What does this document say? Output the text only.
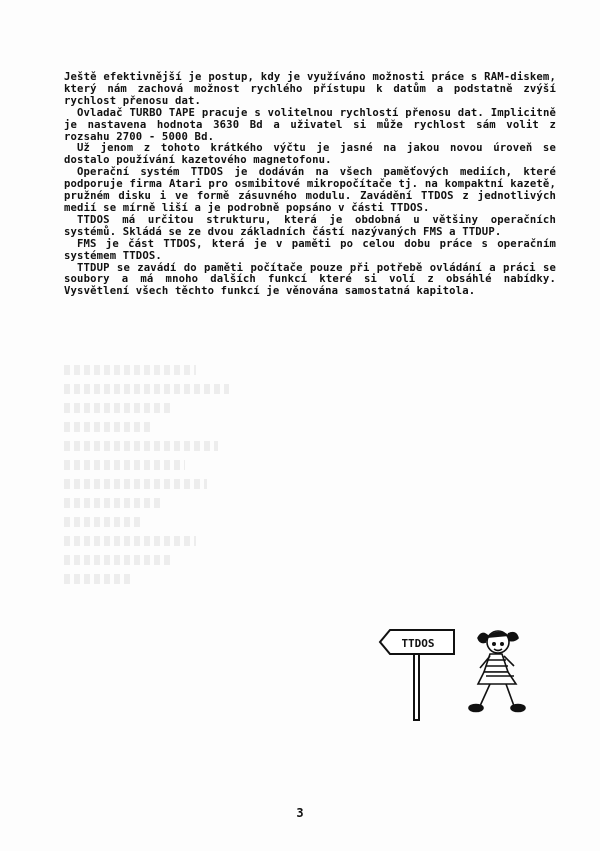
Ještě efektivnější je postup, kdy je využíváno možnosti práce s RAM-diskem, který nám zachová možnost rychlého přístupu k datům a podstatně zvýší rychlost přenosu dat.

Ovladač TURBO TAPE pracuje s volitelnou rychlostí přenosu dat. Implicitně je nastavena hodnota 3630 Bd a uživatel si může rychlost sám volit z rozsahu 2700 - 5000 Bd.

Už jenom z tohoto krátkého výčtu je jasné na jakou novou úroveň se dostalo používání kazetového magnetofonu.

Operační systém TTDOS je dodáván na všech paměťových mediích, které podporuje firma Atari pro osmibitové mikropočítače tj. na kompaktní kazetě, pružném disku i ve formě zásuvného modulu. Zavádění TTDOS z jednotlivých medií se mírně liší a je podrobně popsáno v části TTDOS.

TTDOS má určitou strukturu, která je obdobná u většiny operačních systémů. Skládá se ze dvou základních částí nazývaných FMS a TTDUP.

FMS je část TTDOS, která je v paměti po celou dobu práce s operačním systémem TTDOS.

TTDUP se zavádí do paměti počítače pouze při potřebě ovládání a práci se soubory a má mnoho dalších funkcí které si volí z obsáhlé nabídky. Vysvětlení všech těchto funkcí je věnována samostatná kapitola.

TTDOS
3
